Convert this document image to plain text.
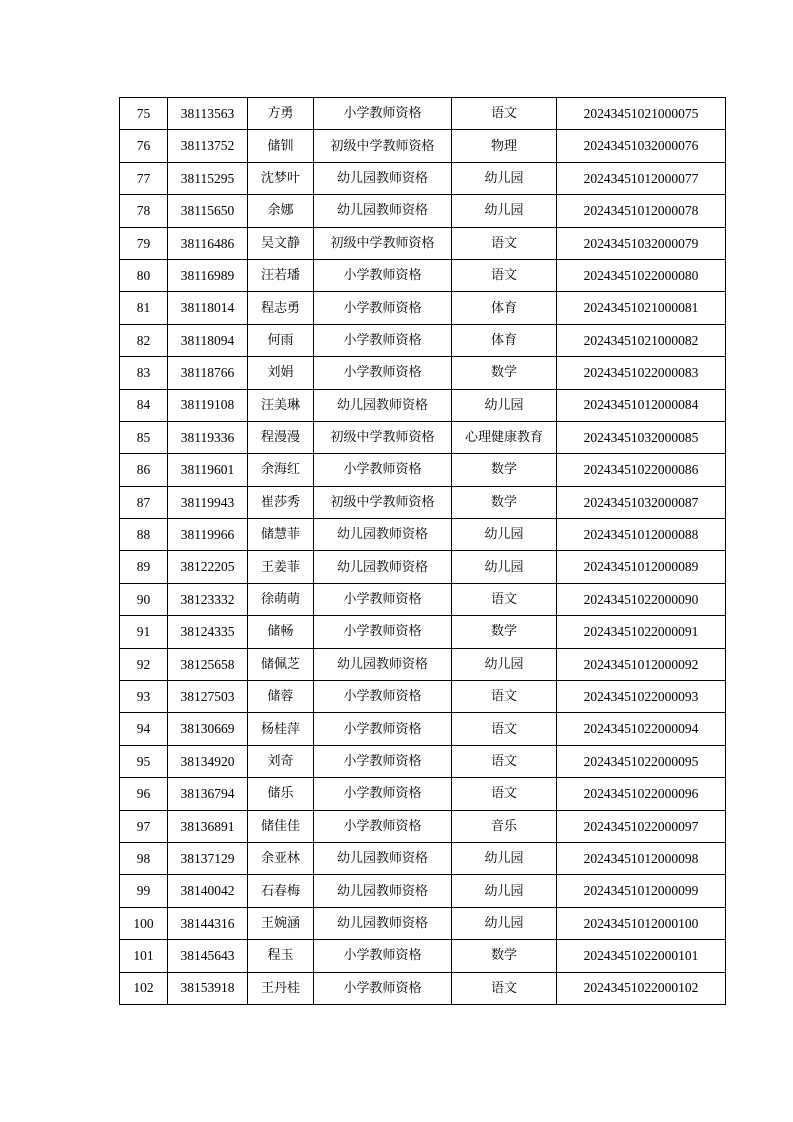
75	38113563	方勇	小学教师资格	语文	20243451021000075
76	38113752	储钏	初级中学教师资格	物理	20243451032000076
77	38115295	沈梦叶	幼儿园教师资格	幼儿园	20243451012000077
78	38115650	余娜	幼儿园教师资格	幼儿园	20243451012000078
79	38116486	吴文静	初级中学教师资格	语文	20243451032000079
80	38116989	汪若璠	小学教师资格	语文	20243451022000080
81	38118014	程志勇	小学教师资格	体育	20243451021000081
82	38118094	何雨	小学教师资格	体育	20243451021000082
83	38118766	刘娟	小学教师资格	数学	20243451022000083
84	38119108	汪美琳	幼儿园教师资格	幼儿园	20243451012000084
85	38119336	程漫漫	初级中学教师资格	心理健康教育	20243451032000085
86	38119601	余海红	小学教师资格	数学	20243451022000086
87	38119943	崔莎秀	初级中学教师资格	数学	20243451032000087
88	38119966	储慧菲	幼儿园教师资格	幼儿园	20243451012000088
89	38122205	王姜菲	幼儿园教师资格	幼儿园	20243451012000089
90	38123332	徐萌萌	小学教师资格	语文	20243451022000090
91	38124335	储畅	小学教师资格	数学	20243451022000091
92	38125658	储佩芝	幼儿园教师资格	幼儿园	20243451012000092
93	38127503	储蓉	小学教师资格	语文	20243451022000093
94	38130669	杨桂萍	小学教师资格	语文	20243451022000094
95	38134920	刘奇	小学教师资格	语文	20243451022000095
96	38136794	储乐	小学教师资格	语文	20243451022000096
97	38136891	储佳佳	小学教师资格	音乐	20243451022000097
98	38137129	余亚林	幼儿园教师资格	幼儿园	20243451012000098
99	38140042	石春梅	幼儿园教师资格	幼儿园	20243451012000099
100	38144316	王婉涵	幼儿园教师资格	幼儿园	20243451012000100
101	38145643	程玉	小学教师资格	数学	20243451022000101
102	38153918	王丹桂	小学教师资格	语文	20243451022000102
